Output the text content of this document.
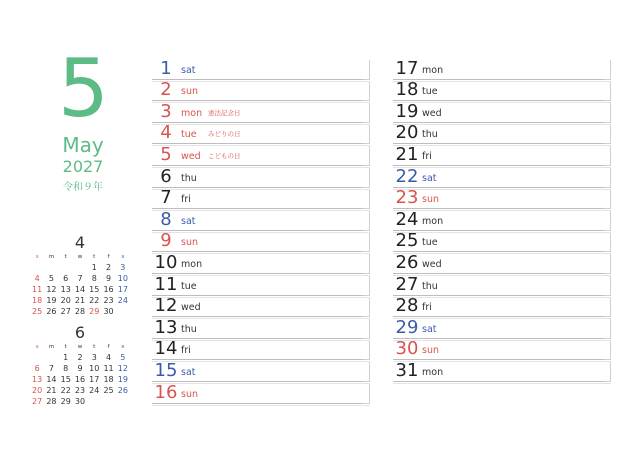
5
May
2027
令和９年
4
s	m	t	w	t	f	s
				1	2	3
4	5	6	7	8	9	10
11	12	13	14	15	16	17
18	19	20	21	22	23	24
25	26	27	28	29	30	
6
s	m	t	w	t	f	s
		1	2	3	4	5
6	7	8	9	10	11	12
13	14	15	16	17	18	19
20	21	22	23	24	25	26
27	28	29	30			
1 sat
2 sun
3 mon 憲法記念日
4 tue みどりの日
5 wed こどもの日
6 thu
7 fri
8 sat
9 sun
10 mon
11 tue
12 wed
13 thu
14 fri
15 sat
16 sun
17 mon
18 tue
19 wed
20 thu
21 fri
22 sat
23 sun
24 mon
25 tue
26 wed
27 thu
28 fri
29 sat
30 sun
31 mon
